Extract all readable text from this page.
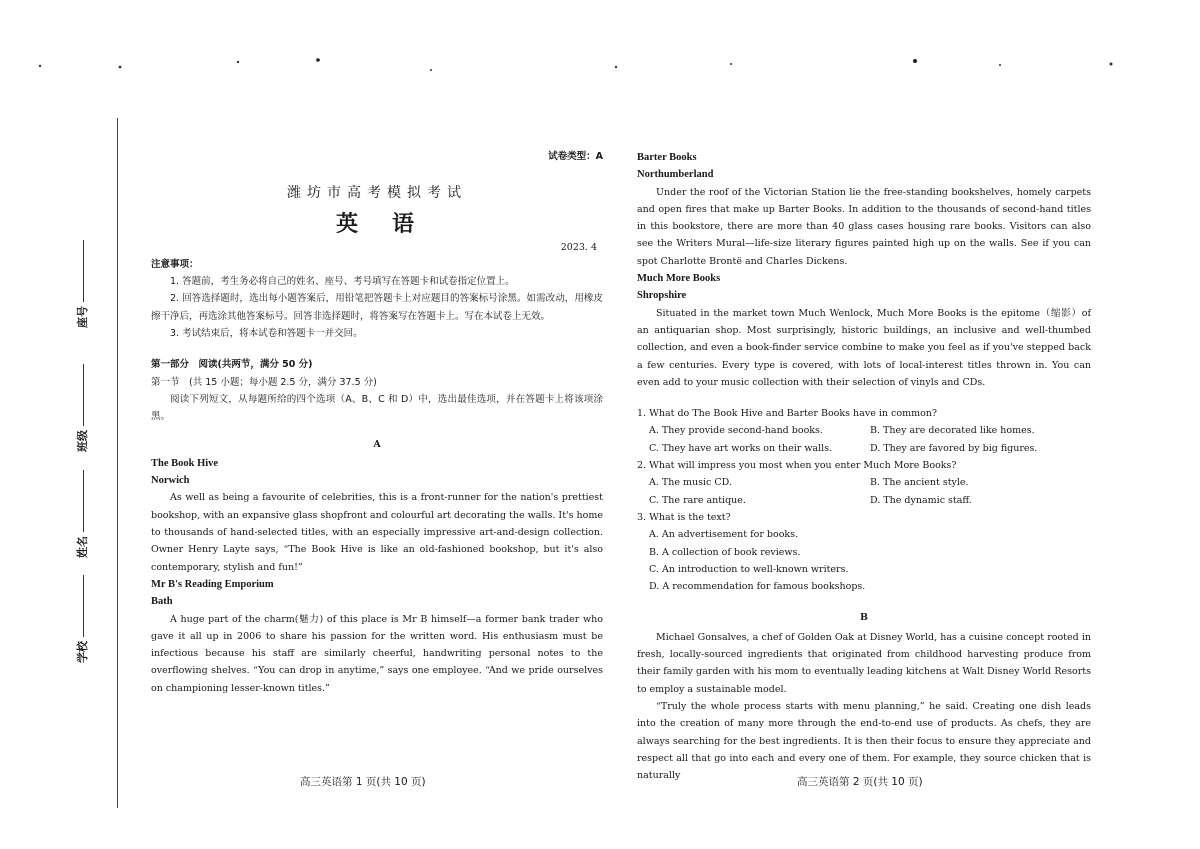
座号
班级
姓名
学校

试卷类型：A

潍坊市高考模拟考试

英语

2023. 4

注意事项：

1. 答题前，考生务必将自己的姓名、座号、考号填写在答题卡和试卷指定位置上。

2. 回答选择题时，选出每小题答案后，用铅笔把答题卡上对应题目的答案标号涂黑。如需改动，用橡皮擦干净后，再选涂其他答案标号。回答非选择题时，将答案写在答题卡上。写在本试卷上无效。

3. 考试结束后，将本试卷和答题卡一并交回。

第一部分　阅读(共两节，满分 50 分)

第一节　(共 15 小题；每小题 2.5 分，满分 37.5 分)

阅读下列短文，从每题所给的四个选项（A、B、C 和 D）中，选出最佳选项，并在答题卡上将该项涂黑。

A

The Book Hive

Norwich

As well as being a favourite of celebrities, this is a front-runner for the nation's prettiest bookshop, with an expansive glass shopfront and colourful art decorating the walls. It's home to thousands of hand-selected titles, with an especially impressive art-and-design collection. Owner Henry Layte says, “The Book Hive is like an old-fashioned bookshop, but it's also contemporary, stylish and fun!”

Mr B's Reading Emporium

Bath

A huge part of the charm(魅力) of this place is Mr B himself—a former bank trader who gave it all up in 2006 to share his passion for the written word. His enthusiasm must be infectious because his staff are similarly cheerful, handwriting personal notes to the overflowing shelves. “You can drop in anytime,” says one employee. “And we pride ourselves on championing lesser-known titles.”

高三英语第 1 页(共 10 页)

Barter Books

Northumberland

Under the roof of the Victorian Station lie the free-standing bookshelves, homely carpets and open fires that make up Barter Books. In addition to the thousands of second-hand titles in this bookstore, there are more than 40 glass cases housing rare books. Visitors can also see the Writers Mural—life-size literary figures painted high up on the walls. See if you can spot Charlotte Brontë and Charles Dickens.

Much More Books

Shropshire

Situated in the market town Much Wenlock, Much More Books is the epitome（缩影）of an antiquarian shop. Most surprisingly, historic buildings, an inclusive and well-thumbed collection, and even a book-finder service combine to make you feel as if you've stepped back a few centuries. Every type is covered, with lots of local-interest titles thrown in. You can even add to your music collection with their selection of vinyls and CDs.

1. What do The Book Hive and Barter Books have in common?

A. They provide second-hand books.	B. They are decorated like homes.
C. They have art works on their walls.	D. They are favored by big figures.

2. What will impress you most when you enter Much More Books?

A. The music CD.	B. The ancient style.
C. The rare antique.	D. The dynamic staff.

3. What is the text?

A. An advertisement for books.
B. A collection of book reviews.
C. An introduction to well-known writers.
D. A recommendation for famous bookshops.

B

Michael Gonsalves, a chef of Golden Oak at Disney World, has a cuisine concept rooted in fresh, locally-sourced ingredients that originated from childhood harvesting produce from their family garden with his mom to eventually leading kitchens at Walt Disney World Resorts to employ a sustainable model.

“Truly the whole process starts with menu planning,” he said. Creating one dish leads into the creation of many more through the end-to-end use of products. As chefs, they are always searching for the best ingredients. It is then their focus to ensure they appreciate and respect all that go into each and every one of them. For example, they source chicken that is naturally

高三英语第 2 页(共 10 页)
